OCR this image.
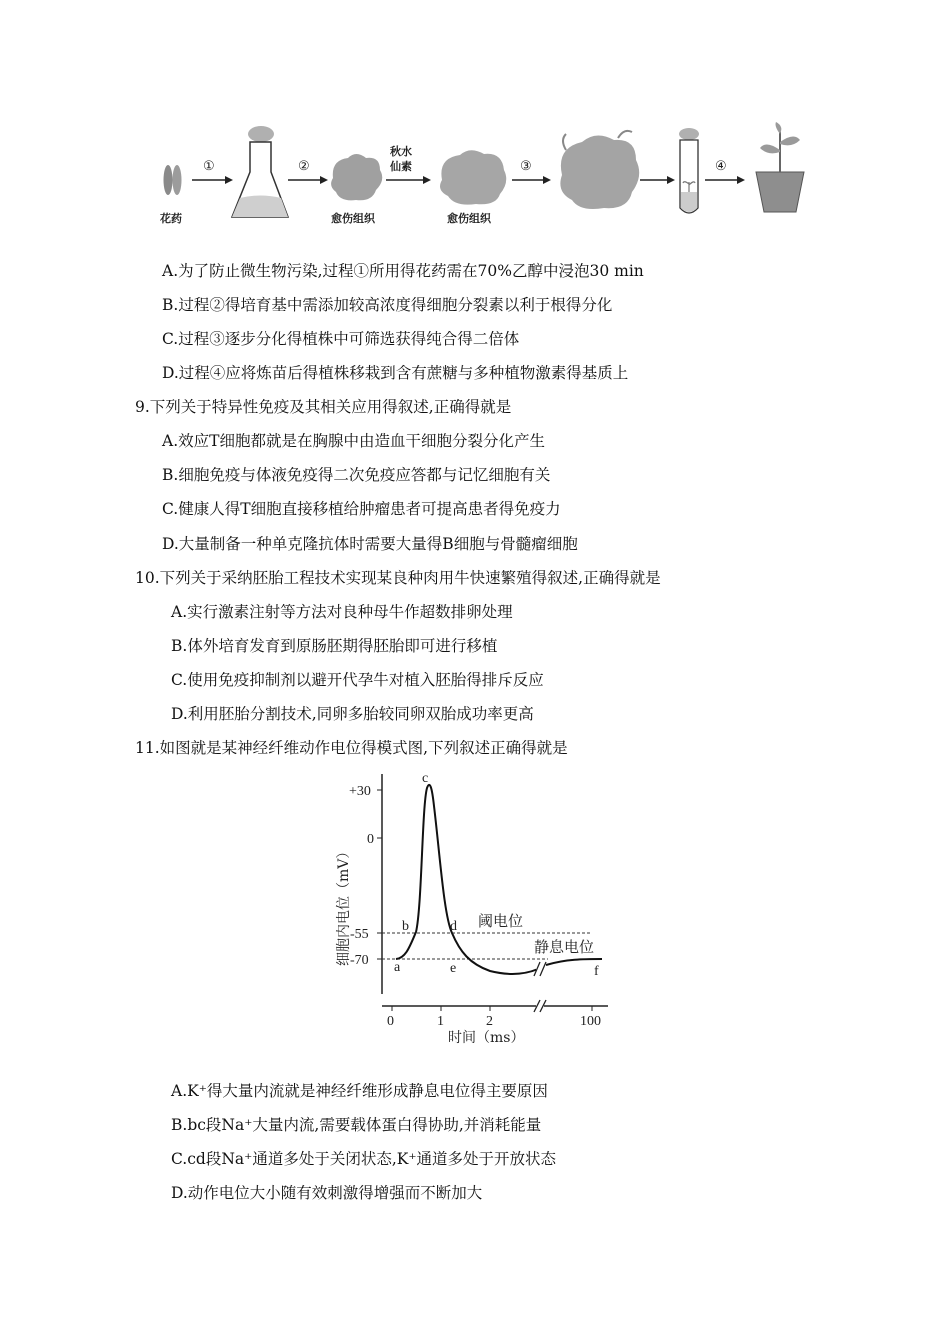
花药
①	②
愈伤组织
秋水
仙素
愈伤组织
③	④
A.为了防止微生物污染,过程①所用得花药需在70%乙醇中浸泡30 min
B.过程②得培育基中需添加较高浓度得细胞分裂素以利于根得分化
C.过程③逐步分化得植株中可筛选获得纯合得二倍体
D.过程④应将炼苗后得植株移栽到含有蔗糖与多种植物激素得基质上
9.下列关于特异性免疫及其相关应用得叙述,正确得就是
A.效应T细胞都就是在胸腺中由造血干细胞分裂分化产生
B.细胞免疫与体液免疫得二次免疫应答都与记忆细胞有关
C.健康人得T细胞直接移植给肿瘤患者可提高患者得免疫力
D.大量制备一种单克隆抗体时需要大量得B细胞与骨髓瘤细胞
10.下列关于采纳胚胎工程技术实现某良种肉用牛快速繁殖得叙述,正确得就是
A.实行激素注射等方法对良种母牛作超数排卵处理
B.体外培育发育到原肠胚期得胚胎即可进行移植
C.使用免疫抑制剂以避开代孕牛对植入胚胎得排斥反应
D.利用胚胎分割技术,同卵多胎较同卵双胎成功率更高
11.如图就是某神经纤维动作电位得模式图,下列叙述正确得就是
+30
0
-55
-70
细胞内电位（mV）
0	1	2	100
时间（ms）
a
b
c
d
e	f
阈电位
静息电位
A.K⁺得大量内流就是神经纤维形成静息电位得主要原因
B.bc段Na⁺大量内流,需要载体蛋白得协助,并消耗能量
C.cd段Na⁺通道多处于关闭状态,K⁺通道多处于开放状态
D.动作电位大小随有效刺激得增强而不断加大
